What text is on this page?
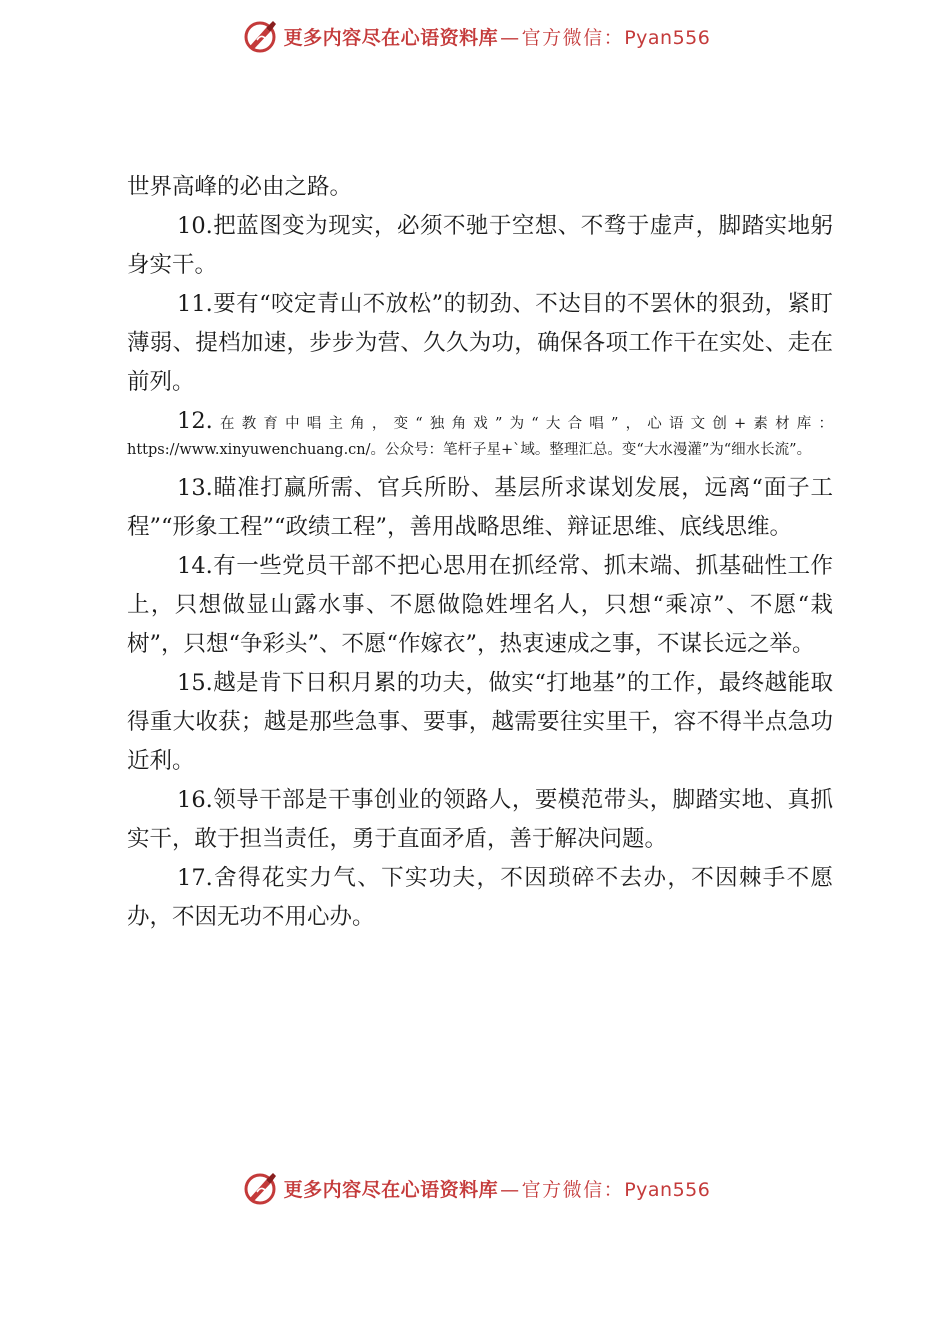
更多内容尽在心语资料库 — 官方微信：Pyan556

世界高峰的必由之路。

10.把蓝图变为现实，必须不驰于空想、不骛于虚声，脚踏实地躬身实干。

11.要有“咬定青山不放松”的韧劲、不达目的不罢休的狠劲，紧盯薄弱、提档加速，步步为营、久久为功，确保各项工作干在实处、走在前列。

12.在教育中唱主角，变“独角戏”为“大合唱”，心语文创+素材库：https://www.xinyuwenchuang.cn/。公众号：笔杆子星+`域。整理汇总。变“大水漫灌”为“细水长流”。

13.瞄准打赢所需、官兵所盼、基层所求谋划发展，远离“面子工程”“形象工程”“政绩工程”，善用战略思维、辩证思维、底线思维。

14.有一些党员干部不把心思用在抓经常、抓末端、抓基础性工作上，只想做显山露水事、不愿做隐姓埋名人，只想“乘凉”、不愿“栽树”，只想“争彩头”、不愿“作嫁衣”，热衷速成之事，不谋长远之举。

15.越是肯下日积月累的功夫，做实“打地基”的工作，最终越能取得重大收获；越是那些急事、要事，越需要往实里干，容不得半点急功近利。

16.领导干部是干事创业的领路人，要模范带头，脚踏实地、真抓实干，敢于担当责任，勇于直面矛盾，善于解决问题。

17.舍得花实力气、下实功夫，不因琐碎不去办，不因棘手不愿办，不因无功不用心办。

更多内容尽在心语资料库 — 官方微信：Pyan556
